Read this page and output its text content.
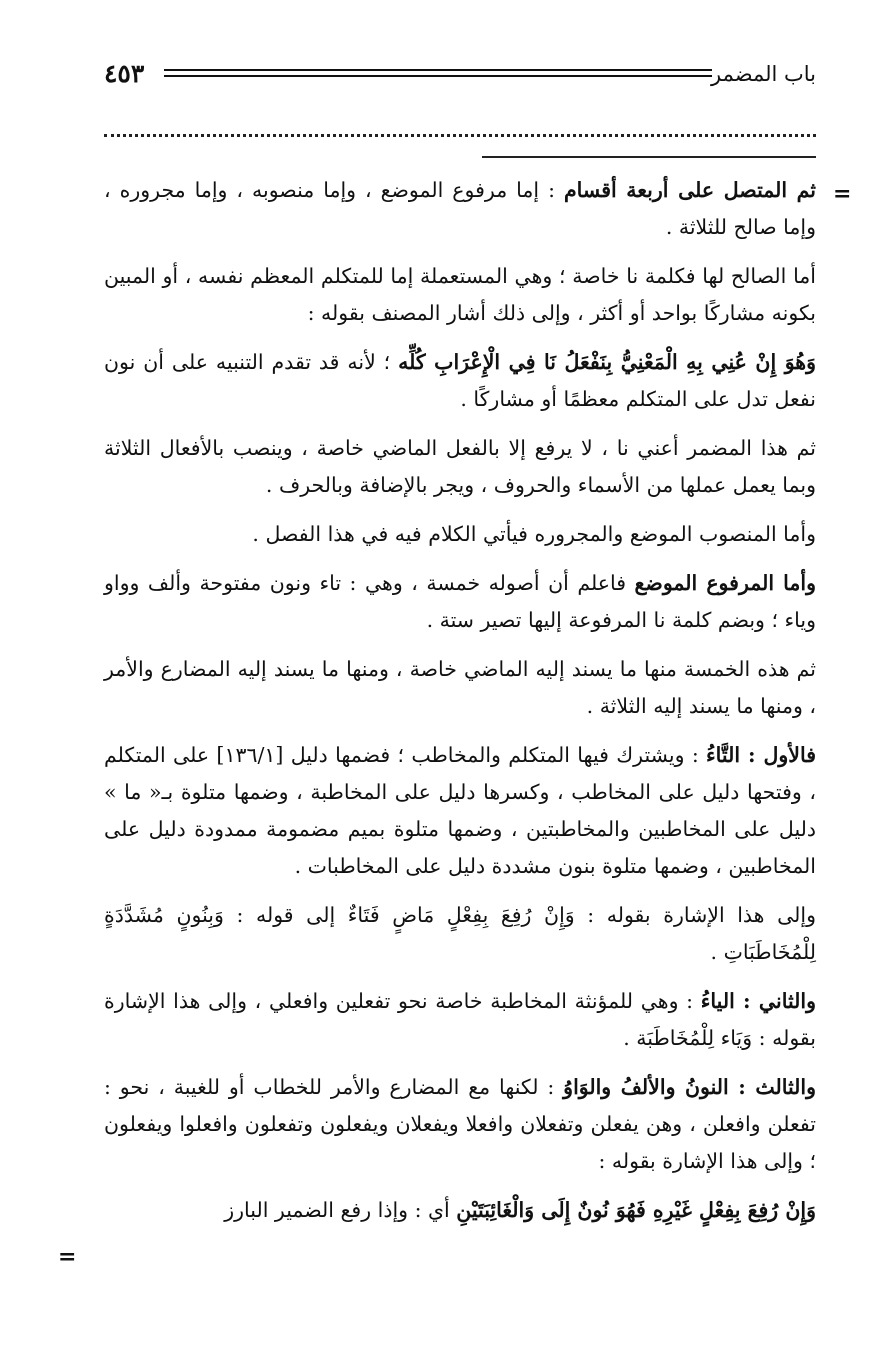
باب المضمر
٤٥٣
=
=

ثم المتصل على أربعة أقسام : إما مرفوع الموضع ، وإما منصوبه ، وإما مجروره ، وإما صالح للثلاثة .

أما الصالح لها فكلمة نا خاصة ؛ وهي المستعملة إما للمتكلم المعظم نفسه ، أو المبين بكونه مشاركًا بواحد أو أكثر ، وإلى ذلك أشار المصنف بقوله :

وَهُوَ إِنْ عُنِي بِهِ الْمَعْنِيُّ بِنَفْعَلُ نَا فِي الْإِعْرَابِ كُلِّه ؛ لأنه قد تقدم التنبيه على أن نون نفعل تدل على المتكلم معظمًا أو مشاركًا .

ثم هذا المضمر أعني نا ، لا يرفع إلا بالفعل الماضي خاصة ، وينصب بالأفعال الثلاثة وبما يعمل عملها من الأسماء والحروف ، ويجر بالإضافة وبالحرف .

وأما المنصوب الموضع والمجروره فيأتي الكلام فيه في هذا الفصل .

وأما المرفوع الموضع فاعلم أن أصوله خمسة ، وهي : تاء ونون مفتوحة وألف وواو وياء ؛ وبضم كلمة نا المرفوعة إليها تصير ستة .

ثم هذه الخمسة منها ما يسند إليه الماضي خاصة ، ومنها ما يسند إليه المضارع والأمر ، ومنها ما يسند إليه الثلاثة .

فالأول : التَّاءُ : ويشترك فيها المتكلم والمخاطب ؛ فضمها دليل [١٣٦/١] على المتكلم ، وفتحها دليل على المخاطب ، وكسرها دليل على المخاطبة ، وضمها متلوة بـ« ما » دليل على المخاطبين والمخاطبتين ، وضمها متلوة بميم مضمومة ممدودة دليل على المخاطبين ، وضمها متلوة بنون مشددة دليل على المخاطبات .

وإلى هذا الإشارة بقوله : وَإِنْ رُفِعَ بِفِعْلٍ مَاضٍ فَتَاءٌ إلى قوله : وَبِنُونٍ مُشَدَّدَةٍ لِلْمُخَاطَبَاتِ .

والثاني : الياءُ : وهي للمؤنثة المخاطبة خاصة نحو تفعلين وافعلي ، وإلى هذا الإشارة بقوله : وَيَاء لِلْمُخَاطَبَة .

والثالث : النونُ والألفُ والوَاوُ : لكنها مع المضارع والأمر للخطاب أو للغيبة ، نحو : تفعلن وافعلن ، وهن يفعلن وتفعلان وافعلا ويفعلان ويفعلون وتفعلون وافعلوا ويفعلون ؛ وإلى هذا الإشارة بقوله :

وَإِنْ رُفِعَ بِفِعْلٍ غَيْرِهِ فَهُوَ نُونٌ إِلَى وَالْغَائِبَتَيْنِ أي : وإذا رفع الضمير البارز
